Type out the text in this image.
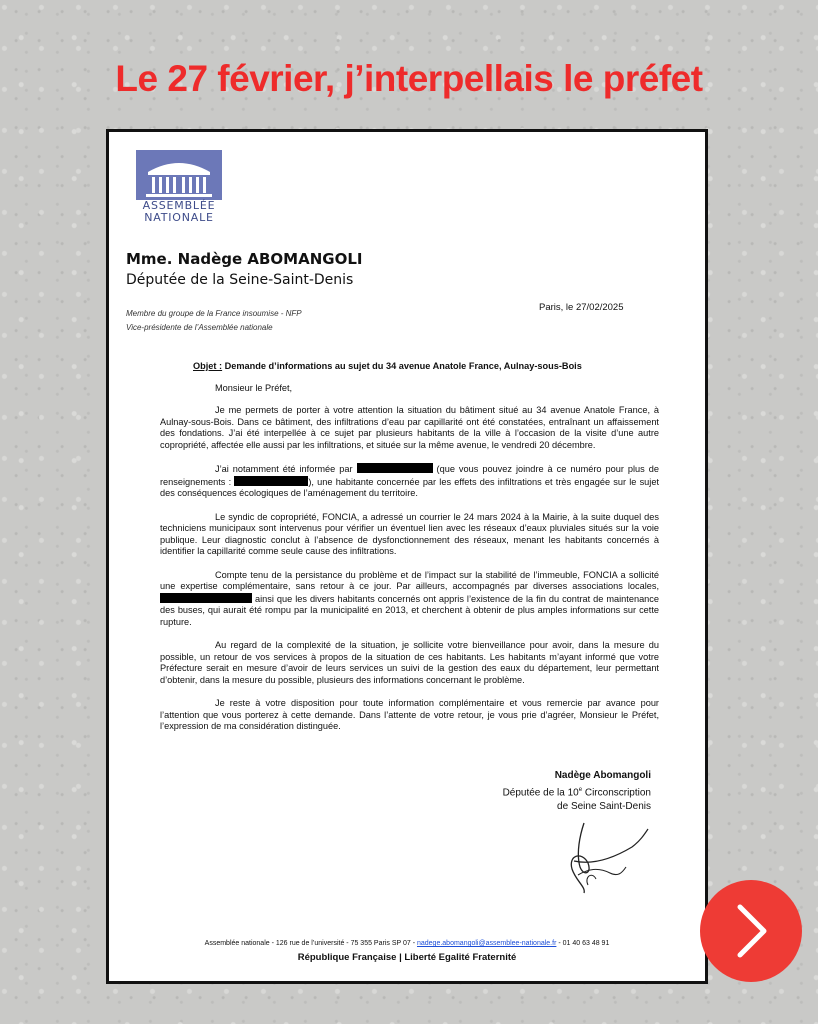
Le 27 février, j’interpellais le préfet
ASSEMBLÉE
NATIONALE
Mme. Nadège ABOMANGOLI
Députée de la Seine-Saint-Denis
Membre du groupe de la France insoumise - NFP
Vice-présidente de l’Assemblée nationale
Paris, le 27/02/2025
Objet : Demande d’informations au sujet du 34 avenue Anatole France, Aulnay-sous-Bois
Monsieur le Préfet,

Je me permets de porter à votre attention la situation du bâtiment situé au 34 avenue Anatole France, à Aulnay-sous-Bois. Dans ce bâtiment, des infiltrations d’eau par capillarité ont été constatées, entraînant un affaissement des fondations. J’ai été interpellée à ce sujet par plusieurs habitants de la ville à l’occasion de la visite d’une autre copropriété, affectée elle aussi par les infiltrations, et située sur la même avenue, le vendredi 20 décembre.

J’ai notamment été informée par	(que vous pouvez joindre à ce numéro pour plus de renseignements :	), une habitante concernée par les effets des infiltrations et très engagée sur le sujet des conséquences écologiques de l’aménagement du territoire.

Le syndic de copropriété, FONCIA, a adressé un courrier le 24 mars 2024 à la Mairie, à la suite duquel des techniciens municipaux sont intervenus pour vérifier un éventuel lien avec les réseaux d’eaux pluviales situés sur la voie publique. Leur diagnostic conclut à l’absence de dysfonctionnement des réseaux, menant les habitants concernés à identifier la capillarité comme seule cause des infiltrations.

Compte tenu de la persistance du problème et de l’impact sur la stabilité de l’immeuble, FONCIA a sollicité une expertise complémentaire, sans retour à ce jour. Par ailleurs, accompagnés par diverses associations locales,  ainsi que les divers habitants concernés ont appris l’existence de la fin du contrat de maintenance des buses, qui aurait été rompu par la municipalité en 2013, et cherchent à obtenir de plus amples informations sur cette rupture.

Au regard de la complexité de la situation, je sollicite votre bienveillance pour avoir, dans la mesure du possible, un retour de vos services à propos de la situation de ces habitants. Les habitants m’ayant informé que votre Préfecture serait en mesure d’avoir de leurs services un suivi de la gestion des eaux du département, leur permettant d’obtenir, dans la mesure du possible, plusieurs des informations concernant le problème.

Je reste à votre disposition pour toute information complémentaire et vous remercie par avance pour l’attention que vous porterez à cette demande. Dans l’attente de votre retour, je vous prie d’agréer, Monsieur le Préfet, l’expression de ma considération distinguée.

Nadège Abomangoli
Députée de la 10e Circonscription
de Seine Saint-Denis
Assemblée nationale - 126 rue de l’université - 75 355 Paris SP 07 - nadege.abomangoli@assemblee-nationale.fr - 01 40 63 48 91
République Française | Liberté Egalité Fraternité
